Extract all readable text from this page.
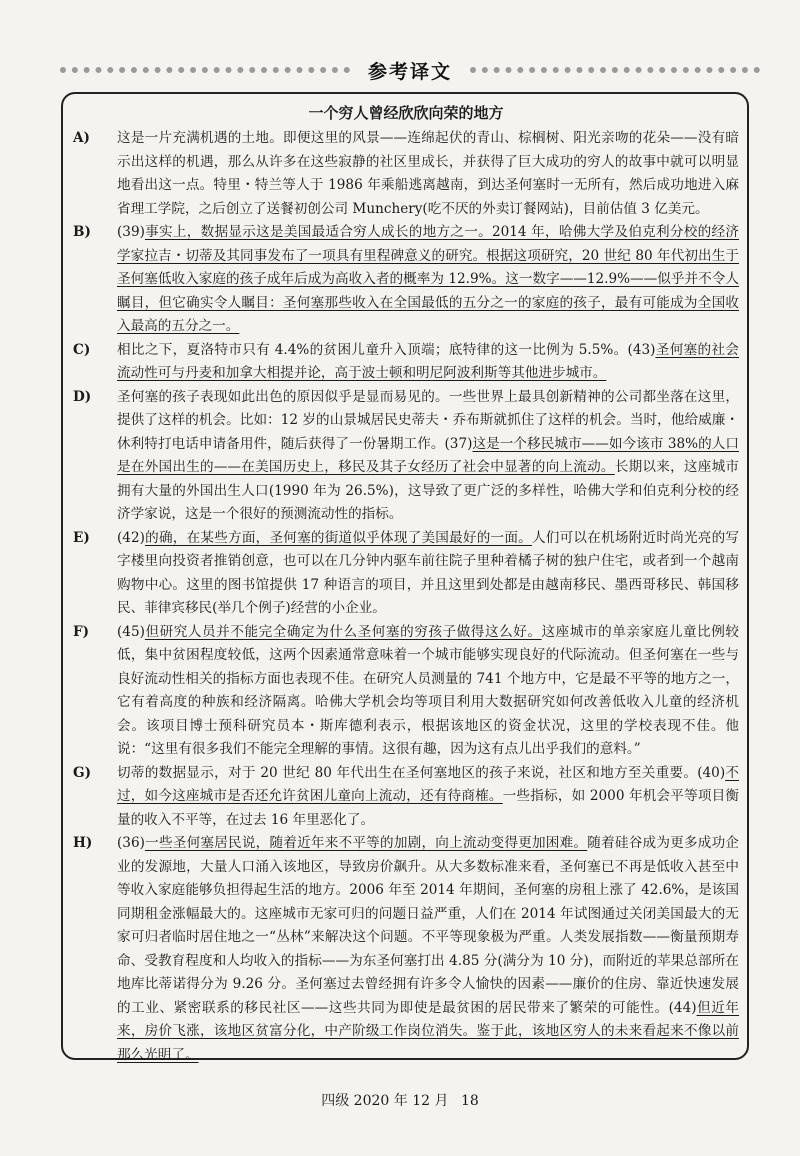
参考译文
一个穷人曾经欣欣向荣的地方
A) 这是一片充满机遇的土地。即便这里的风景——连绵起伏的青山、棕榈树、阳光亲吻的花朵——没有暗示出这样的机遇，那么从许多在这些寂静的社区里成长，并获得了巨大成功的穷人的故事中就可以明显地看出这一点。特里・特兰等人于 1986 年乘船逃离越南，到达圣何塞时一无所有，然后成功地进入麻省理工学院，之后创立了送餐初创公司 Munchery(吃不厌的外卖订餐网站)，目前估值 3 亿美元。
B) (39)事实上，数据显示这是美国最适合穷人成长的地方之一。2014 年，哈佛大学及伯克利分校的经济学家拉吉・切蒂及其同事发布了一项具有里程碑意义的研究。根据这项研究，20 世纪 80 年代初出生于圣何塞低收入家庭的孩子成年后成为高收入者的概率为 12.9%。这一数字——12.9%——似乎并不令人瞩目，但它确实令人瞩目：圣何塞那些收入在全国最低的五分之一的家庭的孩子，最有可能成为全国收入最高的五分之一。
C) 相比之下，夏洛特市只有 4.4%的贫困儿童升入顶端；底特律的这一比例为 5.5%。(43)圣何塞的社会流动性可与丹麦和加拿大相提并论，高于波士顿和明尼阿波利斯等其他进步城市。
D) 圣何塞的孩子表现如此出色的原因似乎是显而易见的。一些世界上最具创新精神的公司都坐落在这里，提供了这样的机会。比如：12 岁的山景城居民史蒂夫・乔布斯就抓住了这样的机会。当时，他给威廉・休利特打电话申请备用件，随后获得了一份暑期工作。(37)这是一个移民城市——如今该市 38%的人口是在外国出生的——在美国历史上，移民及其子女经历了社会中显著的向上流动。长期以来，这座城市拥有大量的外国出生人口(1990 年为 26.5%)，这导致了更广泛的多样性，哈佛大学和伯克利分校的经济学家说，这是一个很好的预测流动性的指标。
E) (42)的确，在某些方面，圣何塞的街道似乎体现了美国最好的一面。人们可以在机场附近时尚光亮的写字楼里向投资者推销创意，也可以在几分钟内驱车前往院子里种着橘子树的独户住宅，或者到一个越南购物中心。这里的图书馆提供 17 种语言的项目，并且这里到处都是由越南移民、墨西哥移民、韩国移民、菲律宾移民(举几个例子)经营的小企业。
F) (45)但研究人员并不能完全确定为什么圣何塞的穷孩子做得这么好。这座城市的单亲家庭儿童比例较低，集中贫困程度较低，这两个因素通常意味着一个城市能够实现良好的代际流动。但圣何塞在一些与良好流动性相关的指标方面也表现不佳。在研究人员测量的 741 个地方中，它是最不平等的地方之一，它有着高度的种族和经济隔离。哈佛大学机会均等项目利用大数据研究如何改善低收入儿童的经济机会。该项目博士预科研究员本・斯库德利表示，根据该地区的资金状况，这里的学校表现不佳。他说：“这里有很多我们不能完全理解的事情。这很有趣，因为这有点儿出乎我们的意料。”
G) 切蒂的数据显示，对于 20 世纪 80 年代出生在圣何塞地区的孩子来说，社区和地方至关重要。(40)不过，如今这座城市是否还允许贫困儿童向上流动，还有待商榷。一些指标，如 2000 年机会平等项目衡量的收入不平等，在过去 16 年里恶化了。
H) (36)一些圣何塞居民说，随着近年来不平等的加剧，向上流动变得更加困难。随着硅谷成为更多成功企业的发源地，大量人口涌入该地区，导致房价飙升。从大多数标准来看，圣何塞已不再是低收入甚至中等收入家庭能够负担得起生活的地方。2006 年至 2014 年期间，圣何塞的房租上涨了 42.6%，是该国同期租金涨幅最大的。这座城市无家可归的问题日益严重，人们在 2014 年试图通过关闭美国最大的无家可归者临时居住地之一“丛林”来解决这个问题。不平等现象极为严重。人类发展指数——衡量预期寿命、受教育程度和人均收入的指标——为东圣何塞打出 4.85 分(满分为 10 分)，而附近的苹果总部所在地库比蒂诺得分为 9.26 分。圣何塞过去曾经拥有许多令人愉快的因素——廉价的住房、靠近快速发展的工业、紧密联系的移民社区——这些共同为即使是最贫困的居民带来了繁荣的可能性。(44)但近年来，房价飞涨，该地区贫富分化，中产阶级工作岗位消失。鉴于此，该地区穷人的未来看起来不像以前那么光明了。
四级 2020 年 12 月 18
